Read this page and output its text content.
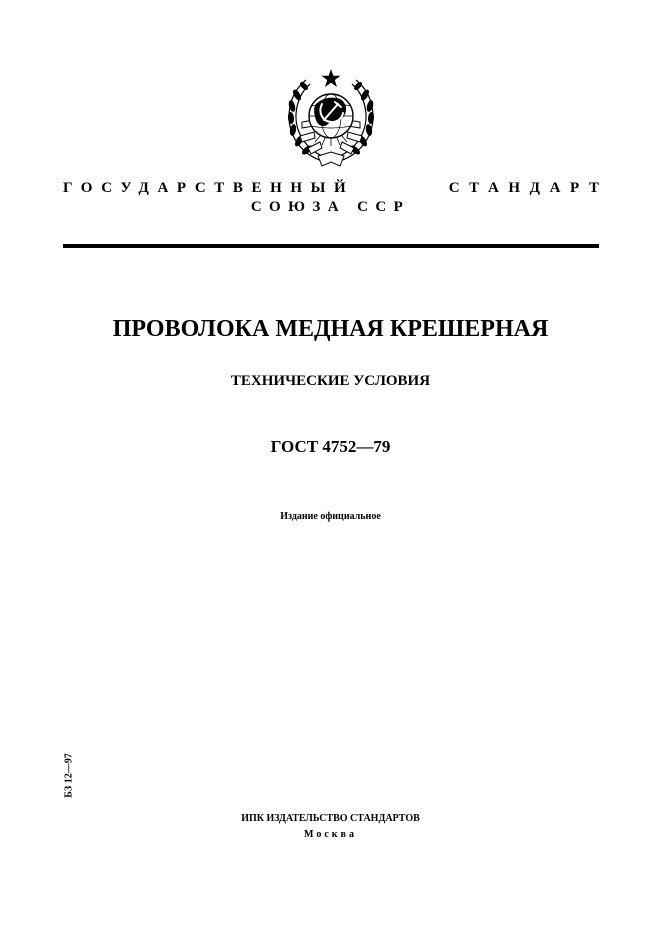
ГОСУДАРСТВЕННЫЙ	СТАНДАРТ
СОЮЗА ССР
ПРОВОЛОКА МЕДНАЯ КРЕШЕРНАЯ
ТЕХНИЧЕСКИЕ УСЛОВИЯ
ГОСТ 4752—79
Издание официальное
БЗ 12—97
ИПК ИЗДАТЕЛЬСТВО СТАНДАРТОВ
Москва
